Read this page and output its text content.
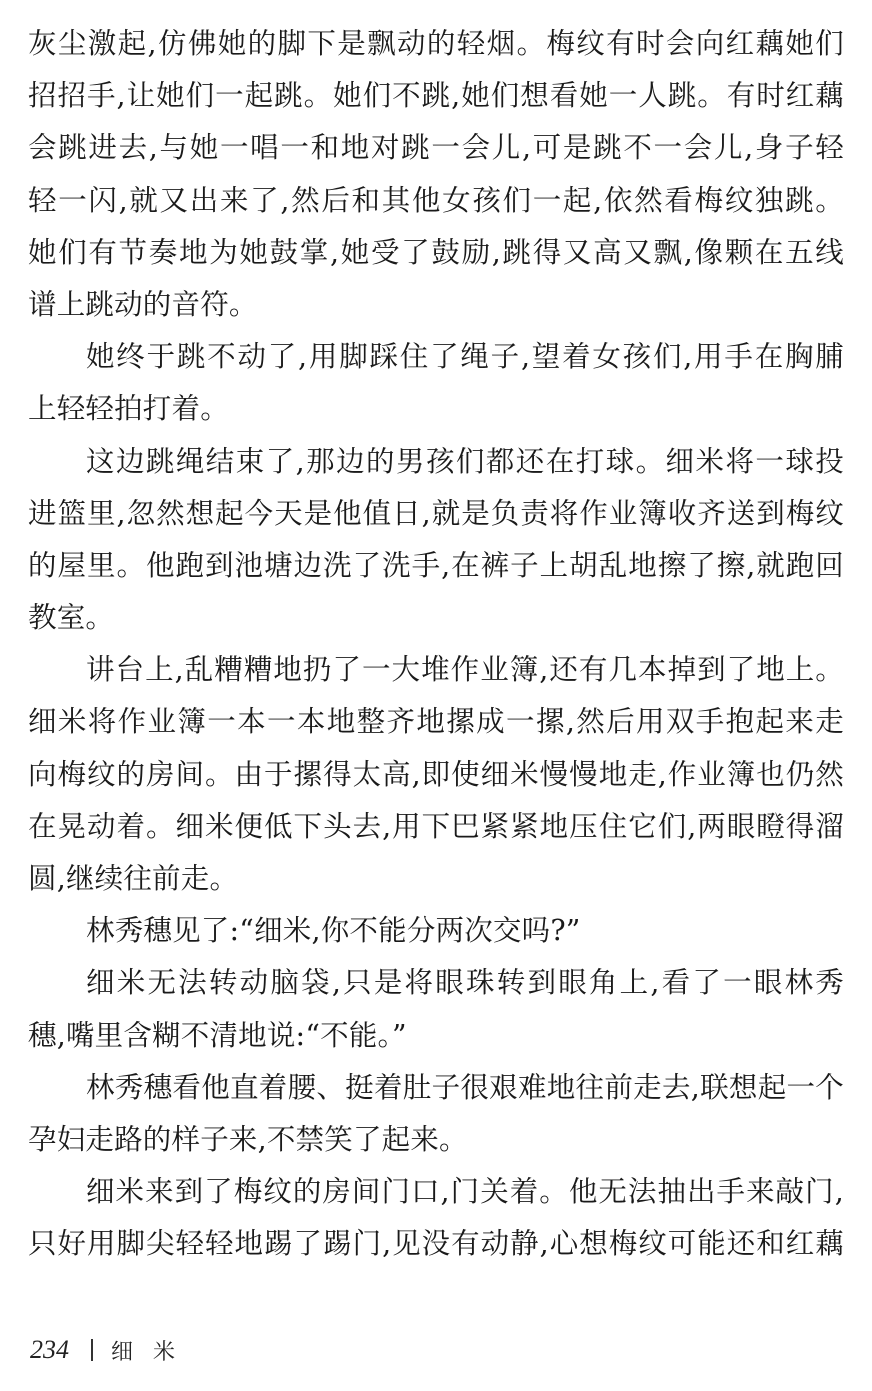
灰尘激起,仿佛她的脚下是飘动的轻烟。梅纹有时会向红藕她们
招招手,让她们一起跳。她们不跳,她们想看她一人跳。有时红藕
会跳进去,与她一唱一和地对跳一会儿,可是跳不一会儿,身子轻
轻一闪,就又出来了,然后和其他女孩们一起,依然看梅纹独跳。
她们有节奏地为她鼓掌,她受了鼓励,跳得又高又飘,像颗在五线
谱上跳动的音符。
她终于跳不动了,用脚踩住了绳子,望着女孩们,用手在胸脯
上轻轻拍打着。
这边跳绳结束了,那边的男孩们都还在打球。细米将一球投
进篮里,忽然想起今天是他值日,就是负责将作业簿收齐送到梅纹
的屋里。他跑到池塘边洗了洗手,在裤子上胡乱地擦了擦,就跑回
教室。
讲台上,乱糟糟地扔了一大堆作业簿,还有几本掉到了地上。
细米将作业簿一本一本地整齐地摞成一摞,然后用双手抱起来走
向梅纹的房间。由于摞得太高,即使细米慢慢地走,作业簿也仍然
在晃动着。细米便低下头去,用下巴紧紧地压住它们,两眼瞪得溜
圆,继续往前走。
林秀穗见了:“细米,你不能分两次交吗?”
细米无法转动脑袋,只是将眼珠转到眼角上,看了一眼林秀
穗,嘴里含糊不清地说:“不能。”
林秀穗看他直着腰、挺着肚子很艰难地往前走去,联想起一个
孕妇走路的样子来,不禁笑了起来。
细米来到了梅纹的房间门口,门关着。他无法抽出手来敲门,
只好用脚尖轻轻地踢了踢门,见没有动静,心想梅纹可能还和红藕
234 细米
